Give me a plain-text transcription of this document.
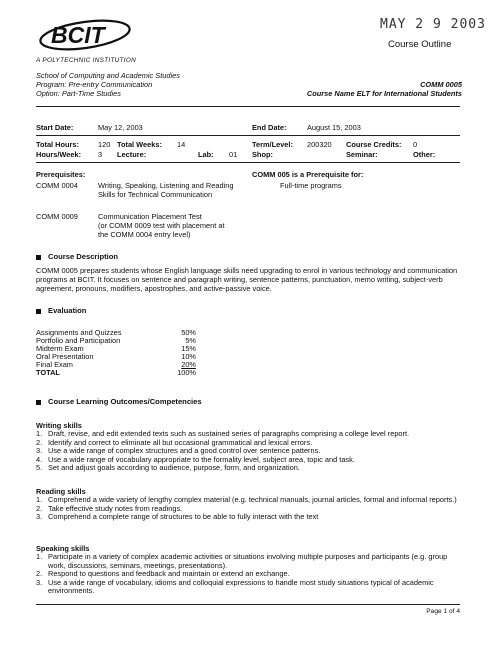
BCIT
A POLYTECHNIC INSTITUTION
MAY 2 9 2003
Course Outline
School of Computing and Academic Studies
Program: Pre-entry Communication
Option: Part-Time Studies
COMM 0005
Course Name ELT for International Students
Start Date:	May 12, 2003	End Date:	August 15, 2003
Total Hours:	120 Total Weeks: 14	Term/Level: 200320 Course Credits: 0
Hours/Week: 3 Lecture:	Lab: 01 Shop:	Seminar:	Other:
Prerequisites:	COMM 005 is a Prerequisite for:
Full-time programs
COMM 0004	Writing, Speaking, Listening and Reading
Skills for Technical Communication
COMM 0009	Communication Placement Test
(or COMM 0009 test with placement at
the COMM 0004 entry level)
Course Description
COMM 0005 prepares students whose English language skills need upgrading to enrol in various technology and communication programs at BCIT. It focuses on sentence and paragraph writing, sentence patterns, punctuation, memo writing, subject-verb agreement, pronouns, modifiers, apostrophes, and active-passive voice.
Evaluation
Assignments and Quizzes	50%
Portfolio and Participation	5%
Midterm Exam	15%
Oral Presentation	10%
Final Exam	20%
TOTAL	100%
Course Learning Outcomes/Competencies
Writing skills
1. Draft, revise, and edit extended texts such as sustained series of paragraphs comprising a college level report.
2. Identify and correct to eliminate all but occasional grammatical and lexical errors.
3. Use a wide range of complex structures and a good control over sentence patterns.
4. Use a wide range of vocabulary appropriate to the formality level, subject area, topic and task.
5. Set and adjust goals according to audience, purpose, form, and organization.
Reading skills
1. Comprehend a wide variety of lengthy complex material (e.g. technical manuals, journal articles, formal and informal reports.)
2. Take effective study notes from readings.
3. Comprehend a complete range of structures to be able to fully interact with the text
Speaking skills
1. Participate in a variety of complex academic activities or situations involving multiple purposes and participants (e.g. group work, discussions, seminars, meetings, presentations).
2. Respond to questions and feedback and maintain or extend an exchange.
3. Use a wide range of vocabulary, idioms and colloquial expressions to handle most study situations typical of academic environments.
Page 1 of 4
